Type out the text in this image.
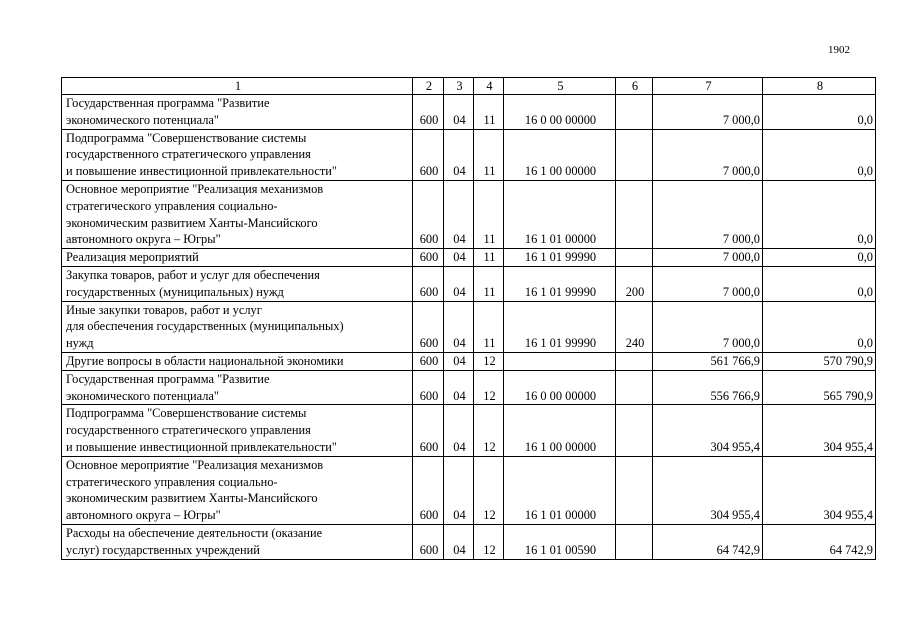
1902
1	2	3	4	5	6	7	8
Государственная программа "Развитие
экономического потенциала"	600	04	11	16 0 00 00000		7 000,0	0,0
Подпрограмма "Совершенствование системы
государственного стратегического управления
и повышение инвестиционной привлекательности"	600	04	11	16 1 00 00000		7 000,0	0,0
Основное мероприятие "Реализация механизмов
стратегического управления социально-
экономическим развитием Ханты-Мансийского
автономного округа – Югры"	600	04	11	16 1 01 00000		7 000,0	0,0
Реализация мероприятий	600	04	11	16 1 01 99990		7 000,0	0,0
Закупка товаров, работ и услуг для обеспечения
государственных (муниципальных) нужд	600	04	11	16 1 01 99990	200	7 000,0	0,0
Иные закупки товаров, работ и услуг
для обеспечения государственных (муниципальных)
нужд	600	04	11	16 1 01 99990	240	7 000,0	0,0
Другие вопросы в области национальной экономики	600	04	12			561 766,9	570 790,9
Государственная программа "Развитие
экономического потенциала"	600	04	12	16 0 00 00000		556 766,9	565 790,9
Подпрограмма "Совершенствование системы
государственного стратегического управления
и повышение инвестиционной привлекательности"	600	04	12	16 1 00 00000		304 955,4	304 955,4
Основное мероприятие "Реализация механизмов
стратегического управления социально-
экономическим развитием Ханты-Мансийского
автономного округа – Югры"	600	04	12	16 1 01 00000		304 955,4	304 955,4
Расходы на обеспечение деятельности (оказание
услуг) государственных учреждений	600	04	12	16 1 01 00590		64 742,9	64 742,9
